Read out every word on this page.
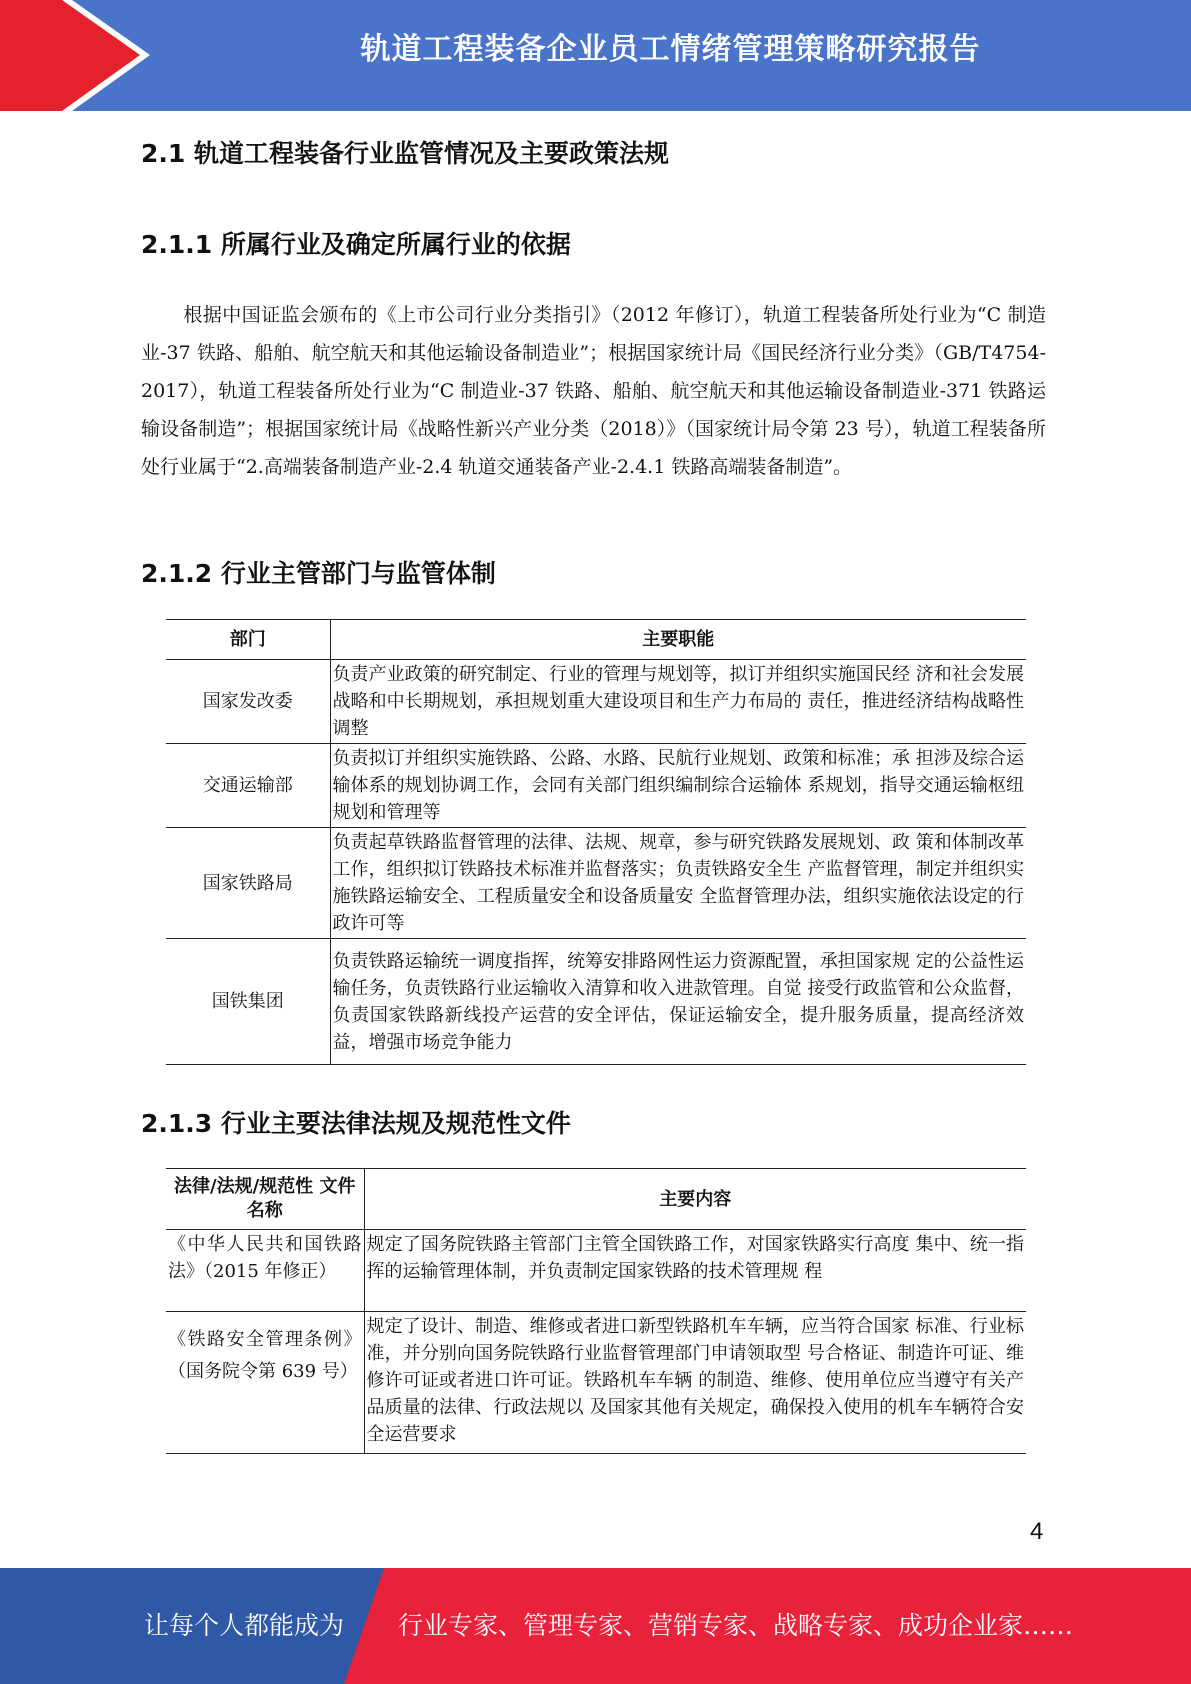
轨道工程装备企业员工情绪管理策略研究报告
2.1 轨道工程装备行业监管情况及主要政策法规
2.1.1 所属行业及确定所属行业的依据

根据中国证监会颁布的《上市公司行业分类指引》（2012 年修订），轨道工程装备所处行业为“C 制造业-37 铁路、船舶、航空航天和其他运输设备制造业”；根据国家统计局《国民经济行业分类》（GB/T4754-2017），轨道工程装备所处行业为“C 制造业-37 铁路、船舶、航空航天和其他运输设备制造业-371 铁路运输设备制造”；根据国家统计局《战略性新兴产业分类（2018）》（国家统计局令第 23 号），轨道工程装备所处行业属于“2.高端装备制造产业-2.4 轨道交通装备产业-2.4.1 铁路高端装备制造”。

2.1.2 行业主管部门与监管体制
部门	主要职能
国家发改委	负责产业政策的研究制定、行业的管理与规划等，拟订并组织实施国民经 济和社会发展战略和中长期规划，承担规划重大建设项目和生产力布局的 责任，推进经济结构战略性调整
交通运输部	负责拟订并组织实施铁路、公路、水路、民航行业规划、政策和标准；承 担涉及综合运输体系的规划协调工作，会同有关部门组织编制综合运输体 系规划，指导交通运输枢纽规划和管理等
国家铁路局	负责起草铁路监督管理的法律、法规、规章，参与研究铁路发展规划、政 策和体制改革工作，组织拟订铁路技术标准并监督落实；负责铁路安全生 产监督管理，制定并组织实施铁路运输安全、工程质量安全和设备质量安 全监督管理办法，组织实施依法设定的行政许可等
国铁集团	负责铁路运输统一调度指挥，统筹安排路网性运力资源配置，承担国家规 定的公益性运输任务，负责铁路行业运输收入清算和收入进款管理。自觉 接受行政监管和公众监督，负责国家铁路新线投产运营的安全评估，保证运输安全，提升服务质量，提高经济效益，增强市场竞争能力
2.1.3 行业主要法律法规及规范性文件
法律/法规/规范性 文件名称	主要内容
《中华人民共和国铁路法》（2015 年修正）	规定了国务院铁路主管部门主管全国铁路工作，对国家铁路实行高度 集中、统一指挥的运输管理体制，并负责制定国家铁路的技术管理规 程
《铁路安全管理条例》（国务院令第 639 号）	规定了设计、制造、维修或者进口新型铁路机车车辆，应当符合国家 标准、行业标准，并分别向国务院铁路行业监督管理部门申请领取型 号合格证、制造许可证、维修许可证或者进口许可证。铁路机车车辆 的制造、维修、使用单位应当遵守有关产品质量的法律、行政法规以 及国家其他有关规定，确保投入使用的机车车辆符合安全运营要求
4
让每个人都能成为 行业专家、管理专家、营销专家、战略专家、成功企业家……
